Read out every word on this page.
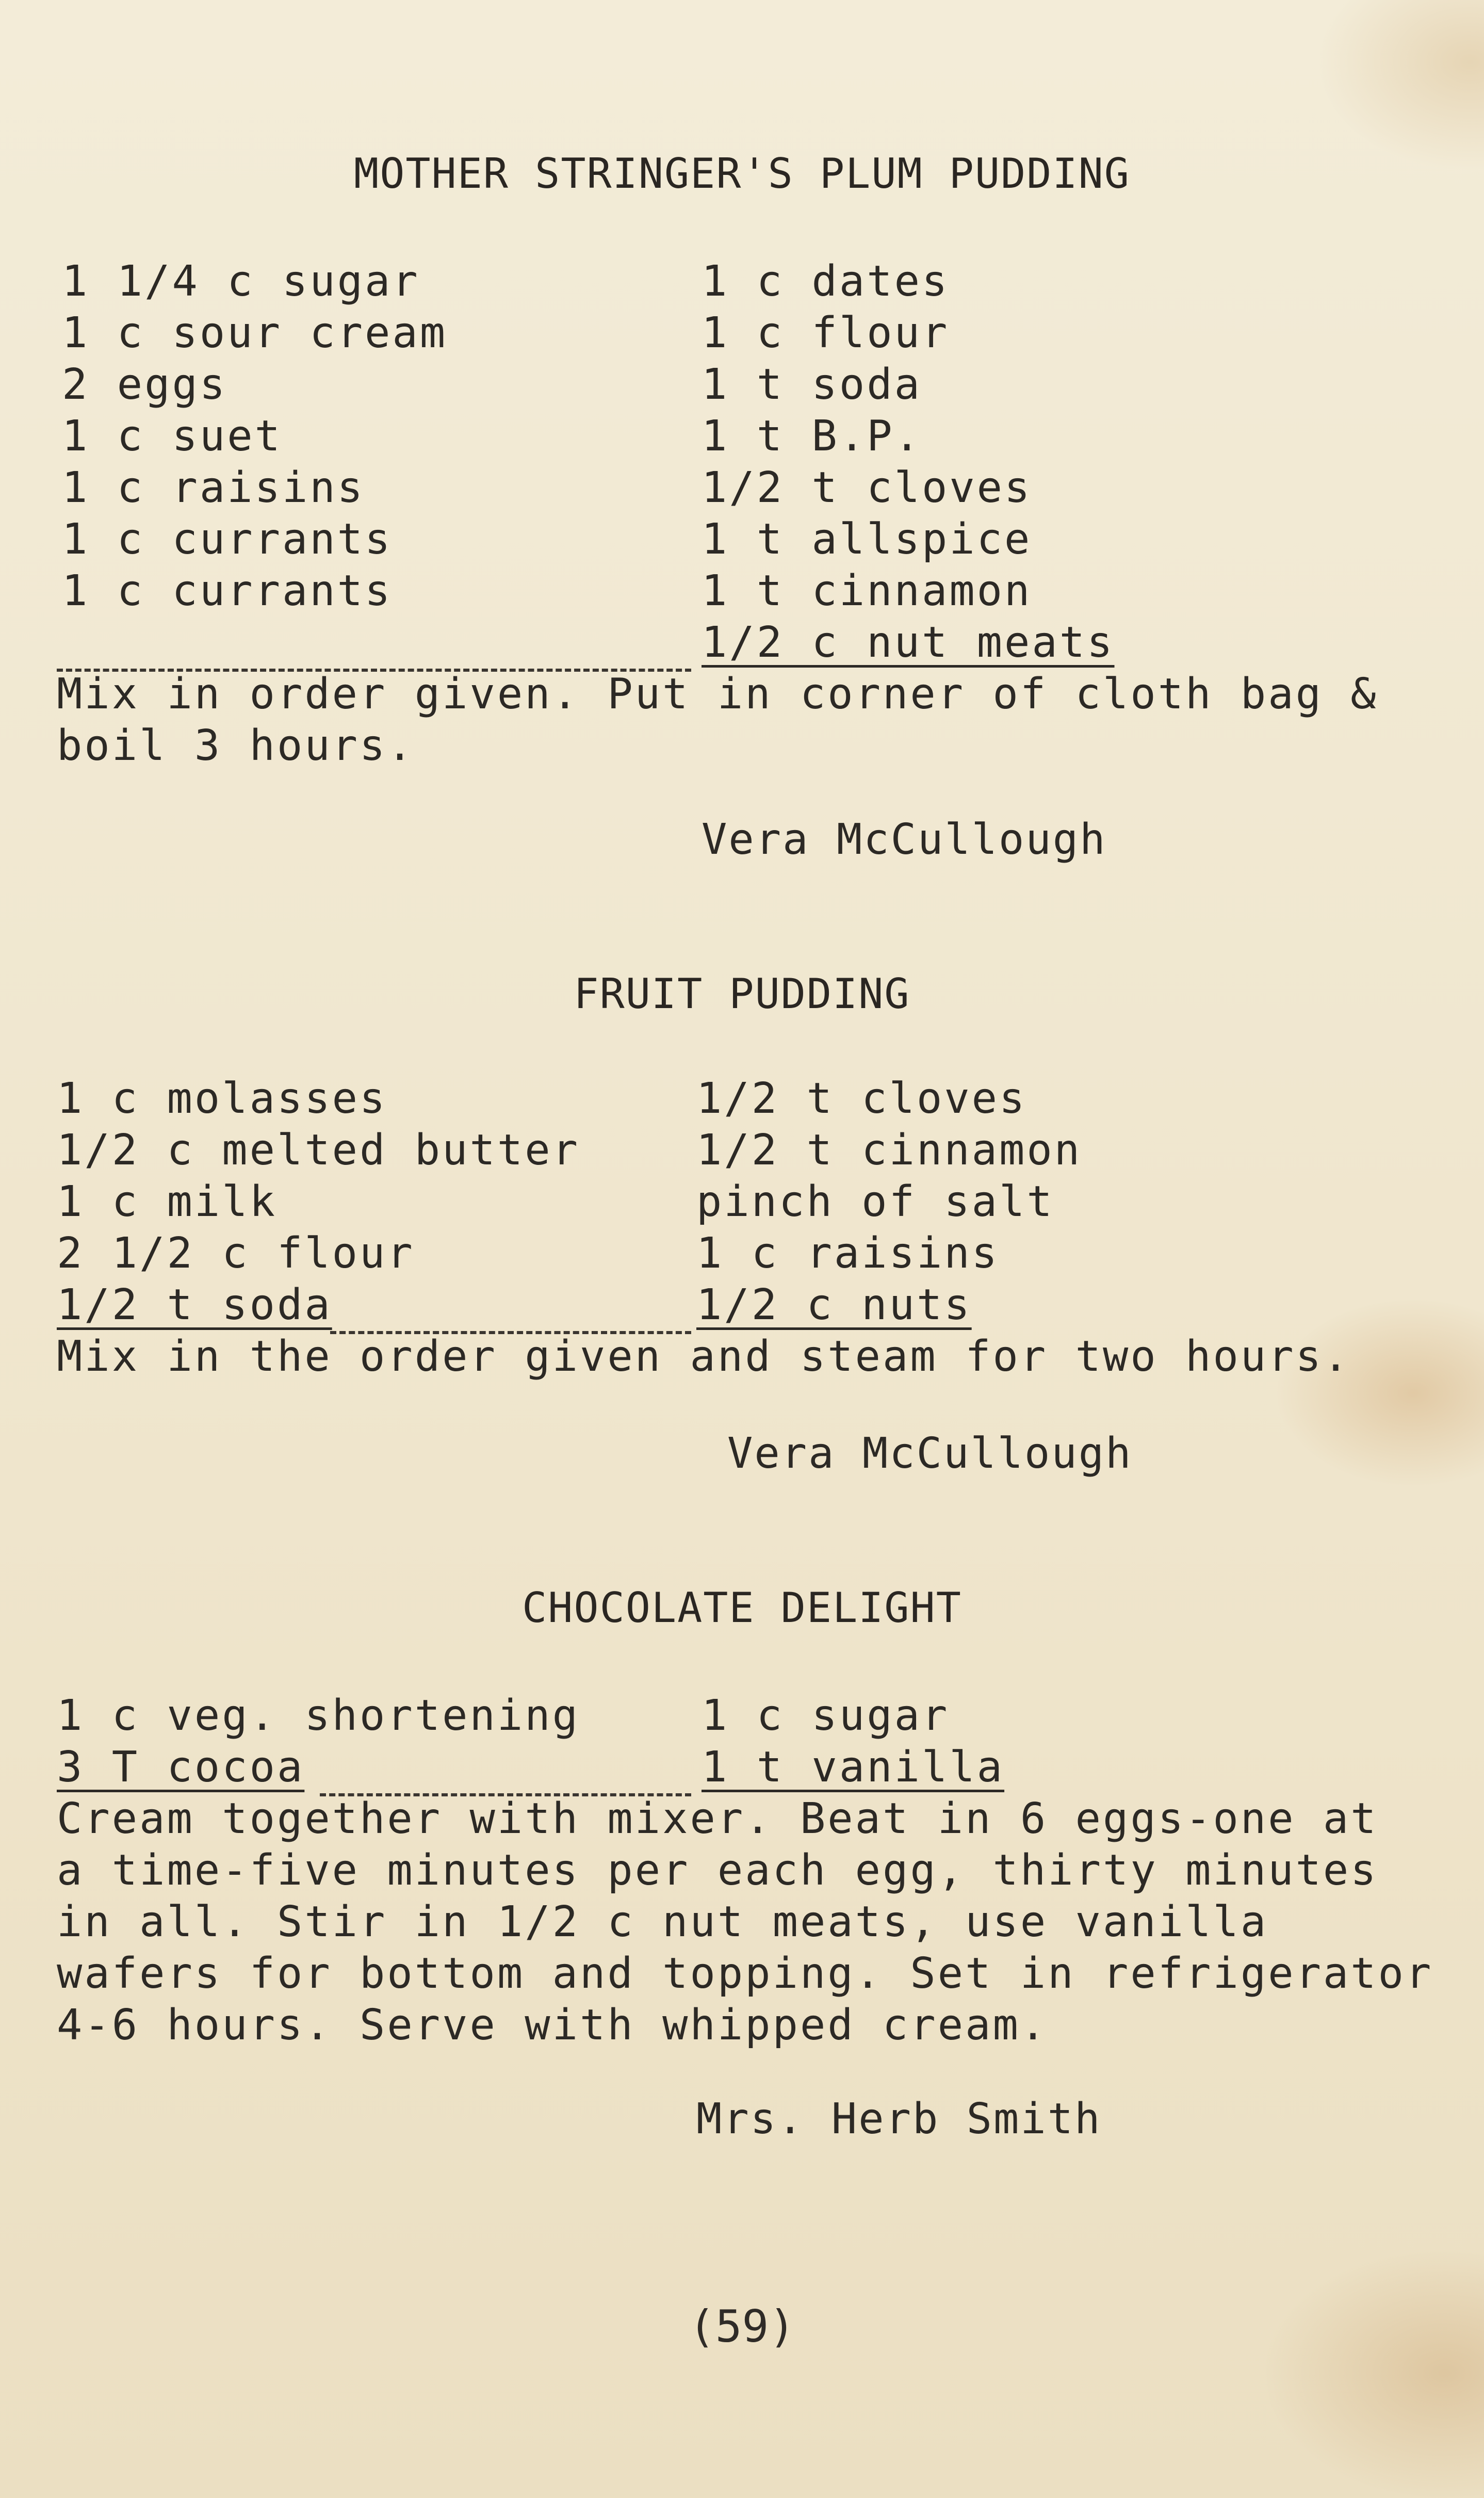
MOTHER STRINGER'S PLUM PUDDING
1 1/4 c sugar
1 c sour cream
2 eggs
1 c suet
1 c raisins
1 c currants
1 c currants
1 c dates
1 c flour
1 t soda
1 t B.P.
1/2 t cloves
1 t allspice
1 t cinnamon
1/2 c nut meats
Mix in order given. Put in corner of cloth bag &
boil 3 hours.
Vera McCullough
FRUIT PUDDING
1 c molasses
1/2 c melted butter
1 c milk
2 1/2 c flour
1/2 t soda
1/2 t cloves
1/2 t cinnamon
pinch of salt
1 c raisins
1/2 c nuts
Mix in the order given and steam for two hours.
Vera McCullough
CHOCOLATE DELIGHT
1 c veg. shortening
3 T cocoa
1 c sugar
1 t vanilla
Cream together with mixer. Beat in 6 eggs-one at
a time-five minutes per each egg, thirty minutes
in all. Stir in 1/2 c nut meats, use vanilla
wafers for bottom and topping. Set in refrigerator
4-6 hours. Serve with whipped cream.
Mrs. Herb Smith
(59)
